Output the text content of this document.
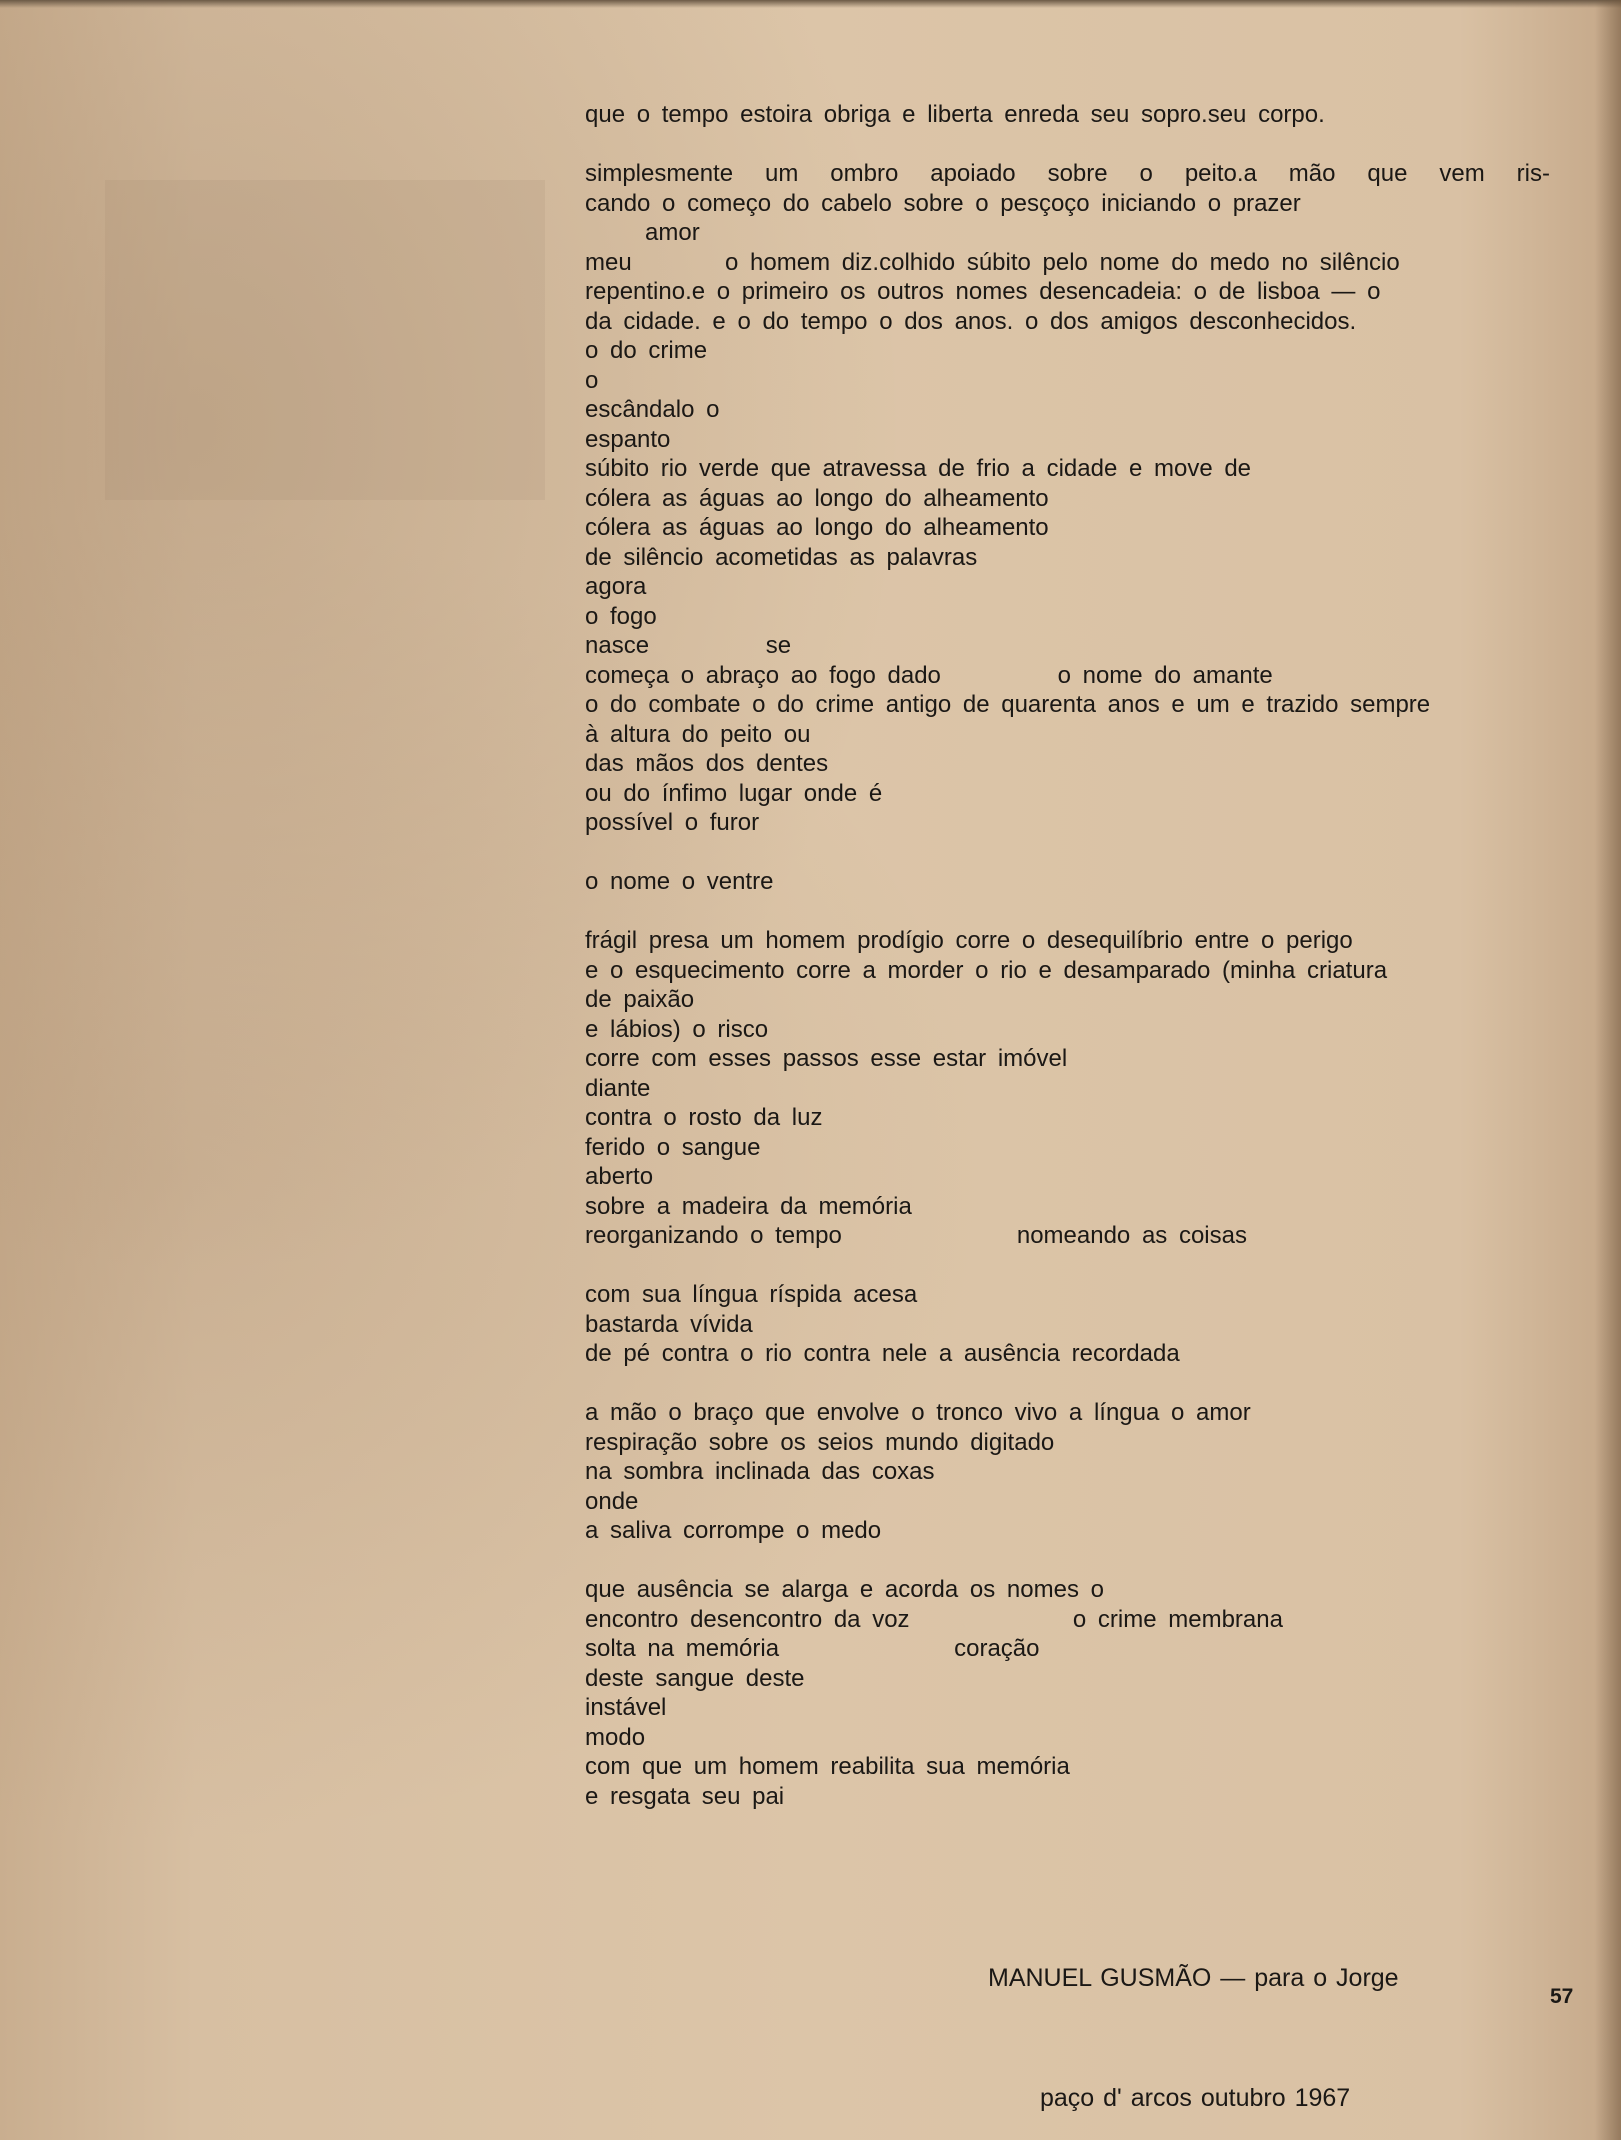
que o tempo estoira obriga e liberta enreda seu sopro.seu corpo.
simplesmente um ombro apoiado sobre o peito.a mão que vem ris-
cando o começo do cabelo sobre o pesçoço iniciando o prazer
amor
meu        o homem diz.colhido súbito pelo nome do medo no silêncio
repentino.e o primeiro os outros nomes desencadeia: o de lisboa — o
da cidade. e o do tempo o dos anos. o dos amigos desconhecidos.
o do crime
o
escândalo o
espanto
súbito rio verde que atravessa de frio a cidade e move de
cólera as águas ao longo do alheamento
cólera as águas ao longo do alheamento
de silêncio acometidas as palavras
agora
o fogo
nasce          se
começa o abraço ao fogo dado          o nome do amante
o do combate o do crime antigo de quarenta anos e um e trazido sempre
à altura do peito ou
das mãos dos dentes
ou do ínfimo lugar onde é
possível o furor
o nome o ventre
frágil presa um homem prodígio corre o desequilíbrio entre o perigo
e o esquecimento corre a morder o rio e desamparado (minha criatura
de paixão
e lábios) o risco
corre com esses passos esse estar imóvel
diante
contra o rosto da luz
ferido o sangue
aberto
sobre a madeira da memória
reorganizando o tempo               nomeando as coisas
com sua língua ríspida acesa
bastarda vívida
de pé contra o rio contra nele a ausência recordada
a mão o braço que envolve o tronco vivo a língua o amor
respiração sobre os seios mundo digitado
na sombra inclinada das coxas
onde
a saliva corrompe o medo
que ausência se alarga e acorda os nomes o
encontro desencontro da voz              o crime membrana
solta na memória               coração
deste sangue deste
instável
modo
com que um homem reabilita sua memória
e resgata seu pai

MANUEL GUSMÃO — para o Jorge

paço d' arcos outubro 1967

57
